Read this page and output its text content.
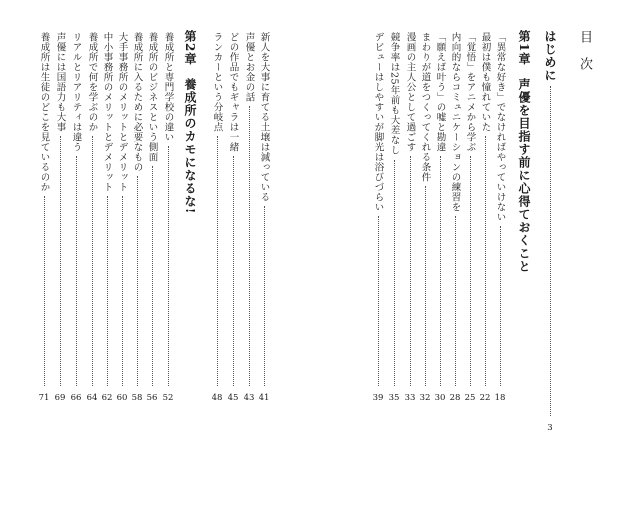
目次
はじめに
3
第1章
声優を目指す前に心得ておくこと
「異常な好き」でなければやっていけない
18
最初は僕も憧れていた
22
「覚悟」をアニメから学ぶ
25
内向的ならコミュニケーションの練習を
28
「願えば叶う」の嘘と勘違
30
まわりが道をつくってくれる条件
32
漫画の主人公として過ごす
33
競争率は25年前も大差なし
35
デビューはしやすいが脚光は浴びづらい
39
新人を大事に育てる土壌は減っている
41
声優とお金の話
43
どの作品でもギャラは一緒
45
ランカーという分岐点
48
第2章
養成所のカモになるな!
養成所と専門学校の違い
52
養成所のビジネスという側面
56
養成所に入るために必要なもの
58
大手事務所のメリットとデメリット
60
中小事務所のメリットとデメリット
62
養成所で何を学ぶのか
64
リアルとリアリティは違う
66
声優には国語力も大事
69
養成所は生徒のどこを見ているのか
71
